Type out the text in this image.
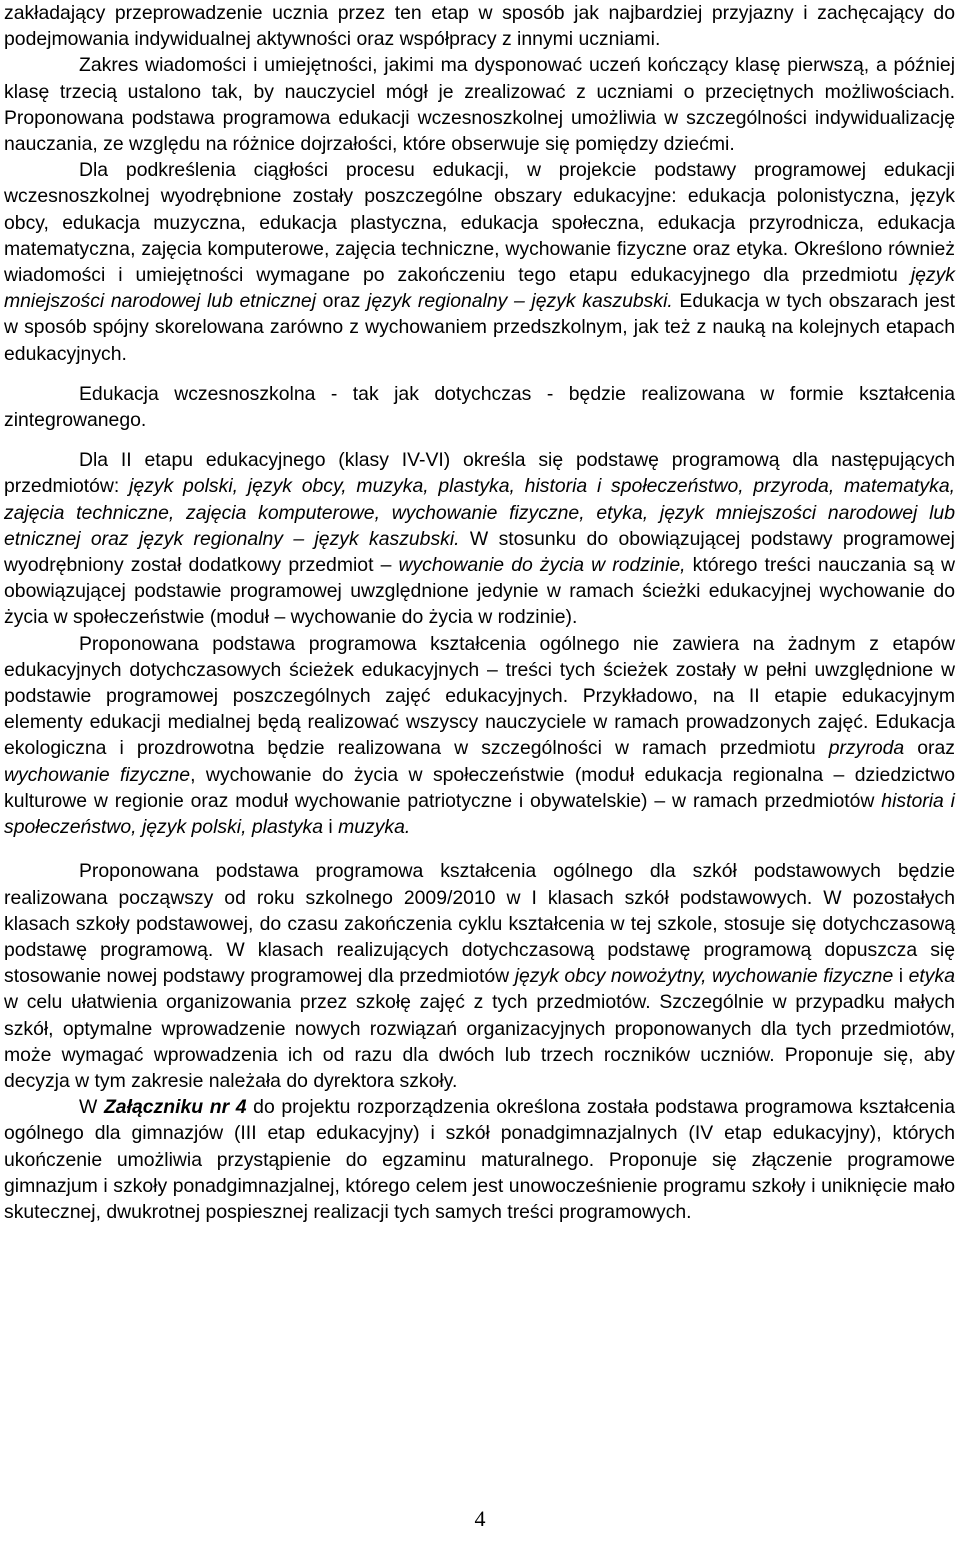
zakładający przeprowadzenie ucznia przez ten etap w sposób jak najbardziej przyjazny i zachęcający do podejmowania indywidualnej aktywności oraz współpracy z innymi uczniami.

Zakres wiadomości i umiejętności, jakimi ma dysponować uczeń kończący klasę pierwszą, a później klasę trzecią ustalono tak, by nauczyciel mógł je zrealizować z uczniami o przeciętnych możliwościach. Proponowana podstawa programowa edukacji wczesnoszkolnej umożliwia w szczególności indywidualizację nauczania, ze względu na różnice dojrzałości, które obserwuje się pomiędzy dziećmi.

Dla podkreślenia ciągłości procesu edukacji, w projekcie podstawy programowej edukacji wczesnoszkolnej wyodrębnione zostały poszczególne obszary edukacyjne: edukacja polonistyczna, język obcy, edukacja muzyczna, edukacja plastyczna, edukacja społeczna, edukacja przyrodnicza, edukacja matematyczna, zajęcia komputerowe, zajęcia techniczne, wychowanie fizyczne oraz etyka. Określono również wiadomości i umiejętności wymagane po zakończeniu tego etapu edukacyjnego dla przedmiotu język mniejszości narodowej lub etnicznej oraz język regionalny – język kaszubski. Edukacja w tych obszarach jest w sposób spójny skorelowana zarówno z wychowaniem przedszkolnym, jak też z nauką na kolejnych etapach edukacyjnych.

Edukacja wczesnoszkolna - tak jak dotychczas - będzie realizowana w formie kształcenia zintegrowanego.

Dla II etapu edukacyjnego (klasy IV-VI) określa się podstawę programową dla następujących przedmiotów: język polski, język obcy, muzyka, plastyka, historia i społeczeństwo, przyroda, matematyka, zajęcia techniczne, zajęcia komputerowe, wychowanie fizyczne, etyka, język mniejszości narodowej lub etnicznej oraz język regionalny – język kaszubski. W stosunku do obowiązującej podstawy programowej wyodrębniony został dodatkowy przedmiot – wychowanie do życia w rodzinie, którego treści nauczania są w obowiązującej podstawie programowej uwzględnione jedynie w ramach ścieżki edukacyjnej wychowanie do życia w społeczeństwie (moduł – wychowanie do życia w rodzinie).

Proponowana podstawa programowa kształcenia ogólnego nie zawiera na żadnym z etapów edukacyjnych dotychczasowych ścieżek edukacyjnych – treści tych ścieżek zostały w pełni uwzględnione w podstawie programowej poszczególnych zajęć edukacyjnych. Przykładowo, na II etapie edukacyjnym elementy edukacji medialnej będą realizować wszyscy nauczyciele w ramach prowadzonych zajęć. Edukacja ekologiczna i prozdrowotna będzie realizowana w szczególności w ramach przedmiotu przyroda oraz wychowanie fizyczne, wychowanie do życia w społeczeństwie (moduł edukacja regionalna – dziedzictwo kulturowe w regionie oraz moduł wychowanie patriotyczne i obywatelskie) – w ramach przedmiotów historia i społeczeństwo, język polski, plastyka i muzyka.

Proponowana podstawa programowa kształcenia ogólnego dla szkół podstawowych będzie realizowana począwszy od roku szkolnego 2009/2010 w I klasach szkół podstawowych. W pozostałych klasach szkoły podstawowej, do czasu zakończenia cyklu kształcenia w tej szkole, stosuje się dotychczasową podstawę programową. W klasach realizujących dotychczasową podstawę programową dopuszcza się stosowanie nowej podstawy programowej dla przedmiotów język obcy nowożytny, wychowanie fizyczne i etyka w celu ułatwienia organizowania przez szkołę zajęć z tych przedmiotów. Szczególnie w przypadku małych szkół, optymalne wprowadzenie nowych rozwiązań organizacyjnych proponowanych dla tych przedmiotów, może wymagać wprowadzenia ich od razu dla dwóch lub trzech roczników uczniów. Proponuje się, aby decyzja w tym zakresie należała do dyrektora szkoły.

W Załączniku nr 4 do projektu rozporządzenia określona została podstawa programowa kształcenia ogólnego dla gimnazjów (III etap edukacyjny) i szkół ponadgimnazjalnych (IV etap edukacyjny), których ukończenie umożliwia przystąpienie do egzaminu maturalnego. Proponuje się złączenie programowe gimnazjum i szkoły ponadgimnazjalnej, którego celem jest unowocześnienie programu szkoły i uniknięcie mało skutecznej, dwukrotnej pospiesznej realizacji tych samych treści programowych.

4
